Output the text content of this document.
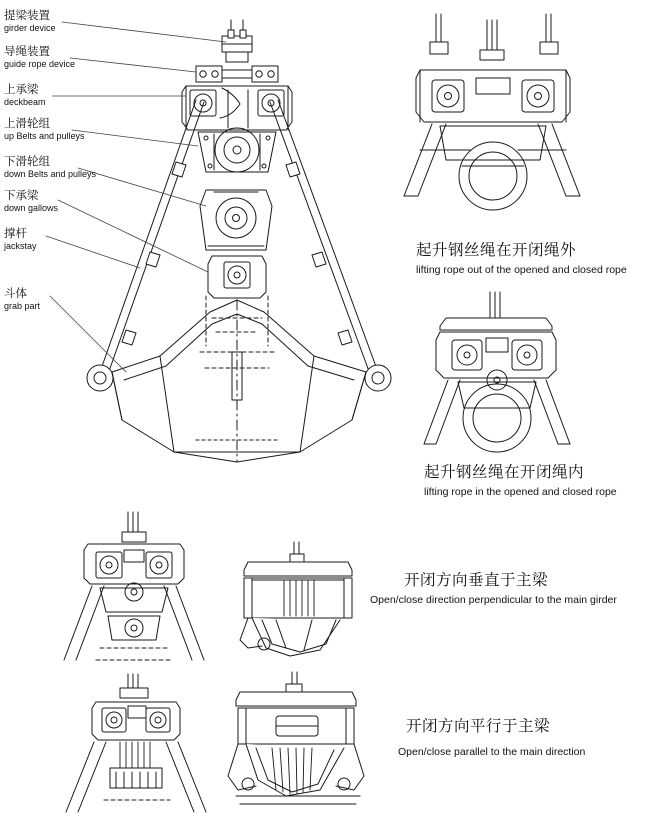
提梁装置
girder device
导绳装置
guide rope device
上承梁
deckbeam
上滑轮组
up Belts and pulleys
下滑轮组
down Belts and pulleys
下承梁
down gallows
撑杆
jackstay
斗体
grab part
起升钢丝绳在开闭绳外
lifting rope out of the opened and closed rope
起升钢丝绳在开闭绳内
lifting rope in the opened and closed rope
开闭方向垂直于主梁
Open/close direction perpendicular to the main girder
开闭方向平行于主梁
Open/close parallel to the main direction
